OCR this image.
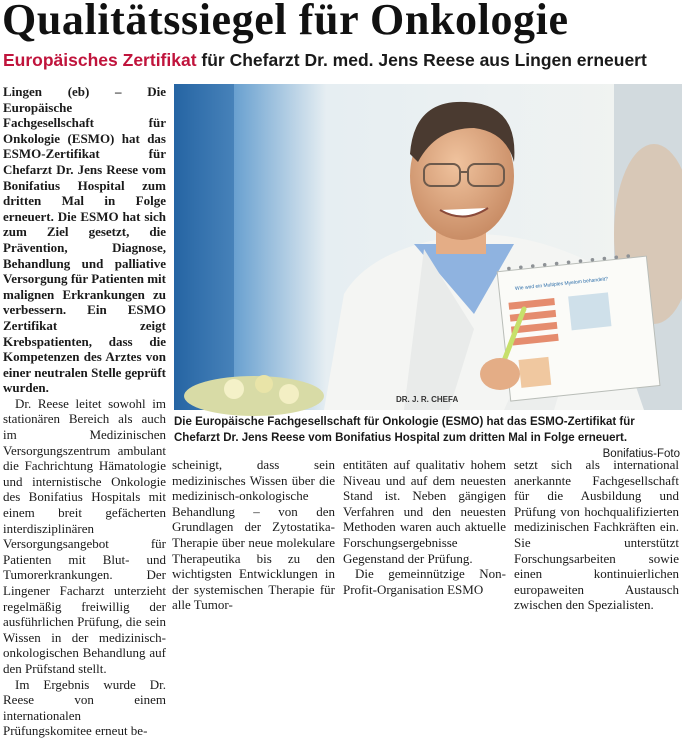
Qualitätssiegel für Onkologie
Europäisches Zertifikat für Chefarzt Dr. med. Jens Reese aus Lingen erneuert

Lingen (eb) – Die Europäische Fachgesellschaft für Onkologie (ESMO) hat das ESMO-Zertifikat für Chefarzt Dr. Jens Reese vom Bonifatius Hospital zum dritten Mal in Folge erneuert. Die ESMO hat sich zum Ziel gesetzt, die Prävention, Diagnose, Behandlung und palliative Versorgung für Patienten mit malignen Erkrankungen zu verbessern. Ein ESMO Zertifikat zeigt Krebspatienten, dass die Kompetenzen des Arztes von einer neutralen Stelle geprüft wurden.

Dr. Reese leitet sowohl im stationären Bereich als auch im Medizinischen Versorgungszentrum ambulant die Fachrichtung Hämatologie und internistische Onkologie des Bonifatius Hospitals mit einem breit gefächerten interdisziplinären Versorgungsangebot für Patienten mit Blut- und Tumorerkrankungen. Der Lingener Facharzt unterzieht regelmäßig freiwillig der ausführlichen Prüfung, die sein Wissen in der medizinisch-onkologischen Behandlung auf den Prüfstand stellt.

Im Ergebnis wurde Dr. Reese von einem internationalen Prüfungskomitee erneut be-

Wie wird ein Multiples Myelom behandelt?
DR. J. R. CHEFA

Die Europäische Fachgesellschaft für Onkologie (ESMO) hat das ESMO-Zertifikat für Chefarzt Dr. Jens Reese vom Bonifatius Hospital zum dritten Mal in Folge erneuert.
Bonifatius-Foto

scheinigt, dass sein medizinisches Wissen über die medizinisch-onkologische Behandlung – von den Grundlagen der Zytostatika-Therapie über neue molekulare Therapeutika bis zu den wichtigsten Entwicklungen in der systemischen Therapie für alle Tumor-

entitäten auf qualitativ hohem Niveau und auf dem neuesten Stand ist. Neben gängigen Verfahren und den neuesten Methoden waren auch aktuelle Forschungsergebnisse Gegenstand der Prüfung.

Die gemeinnützige Non-Profit-Organisation ESMO

setzt sich als international anerkannte Fachgesellschaft für die Ausbildung und Prüfung von hochqualifizierten medizinischen Fachkräften ein. Sie unterstützt Forschungsarbeiten sowie einen kontinuierlichen europaweiten Austausch zwischen den Spezialisten.
